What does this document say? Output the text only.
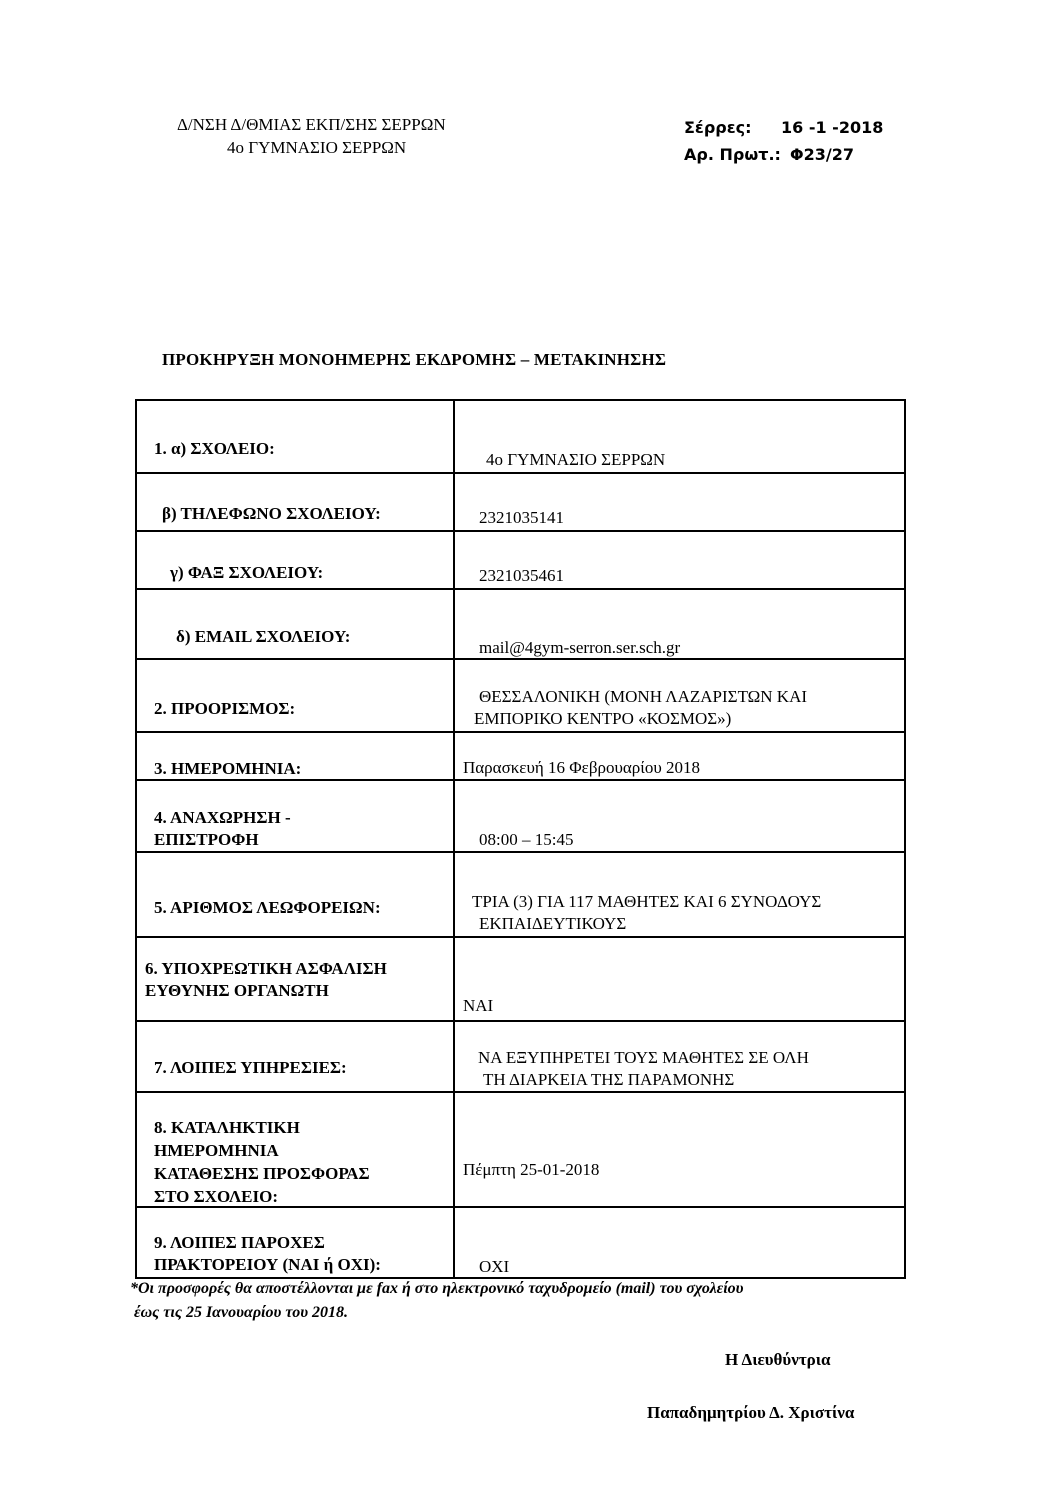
Δ/ΝΣΗ Δ/ΘΜΙΑΣ ΕΚΠ/ΣΗΣ ΣΕΡΡΩΝ
4ο ΓΥΜΝΑΣΙΟ ΣΕΡΡΩΝ
Σέρρες: 16 -1 -2018
Αρ. Πρωτ.: Φ23/27
ΠΡΟΚΗΡΥΞΗ ΜΟΝΟΗΜΕΡΗΣ ΕΚΔΡΟΜΗΣ – ΜΕΤΑΚΙΝΗΣΗΣ
1. α) ΣΧΟΛΕΙΟ:	4ο ΓΥΜΝΑΣΙΟ ΣΕΡΡΩΝ

β) ΤΗΛΕΦΩΝΟ ΣΧΟΛΕΙΟΥ:	2321035141

γ) ΦΑΞ ΣΧΟΛΕΙΟΥ:	2321035461

δ) EMAIL ΣΧΟΛΕΙΟΥ:	mail@4gym-serron.ser.sch.gr

2. ΠΡΟΟΡΙΣΜΟΣ:	ΘΕΣΣΑΛΟΝΙΚΗ (ΜΟΝΗ ΛΑΖΑΡΙΣΤΩΝ ΚΑΙ
ΕΜΠΟΡΙΚΟ ΚΕΝΤΡΟ «ΚΟΣΜΟΣ»)

3. ΗΜΕΡΟΜΗΝΙΑ:	Παρασκευή 16 Φεβρουαρίου 2018

4. ΑΝΑΧΩΡΗΣΗ -
ΕΠΙΣΤΡΟΦΗ	08:00 – 15:45

5. ΑΡΙΘΜΟΣ ΛΕΩΦΟΡΕΙΩΝ:	ΤΡΙΑ (3) ΓΙΑ 117 ΜΑΘΗΤΕΣ ΚΑΙ 6 ΣΥΝΟΔΟΥΣ
ΕΚΠΑΙΔΕΥΤΙΚΟΥΣ

6. ΥΠΟΧΡΕΩΤΙΚΗ ΑΣΦΑΛΙΣΗ
ΕΥΘΥΝΗΣ ΟΡΓΑΝΩΤΗ	ΝΑΙ

7. ΛΟΙΠΕΣ ΥΠΗΡΕΣΙΕΣ:	ΝΑ ΕΞΥΠΗΡΕΤΕΙ ΤΟΥΣ ΜΑΘΗΤΕΣ ΣΕ ΟΛΗ
ΤΗ ΔΙΑΡΚΕΙΑ ΤΗΣ ΠΑΡΑΜΟΝΗΣ

8. ΚΑΤΑΛΗΚΤΙΚΗ
ΗΜΕΡΟΜΗΝΙΑ
ΚΑΤΑΘΕΣΗΣ ΠΡΟΣΦΟΡΑΣ
ΣΤΟ ΣΧΟΛΕΙΟ:	Πέμπτη 25-01-2018

9. ΛΟΙΠΕΣ ΠΑΡΟΧΕΣ
ΠΡΑΚΤΟΡΕΙΟΥ (ΝΑΙ ή ΟΧΙ):	ΟΧΙ
*Οι προσφορές θα αποστέλλονται με fax ή στο ηλεκτρονικό ταχυδρομείο (mail) του σχολείου
έως τις 25 Ιανουαρίου του 2018.
Η Διευθύντρια
Παπαδημητρίου Δ. Χριστίνα
